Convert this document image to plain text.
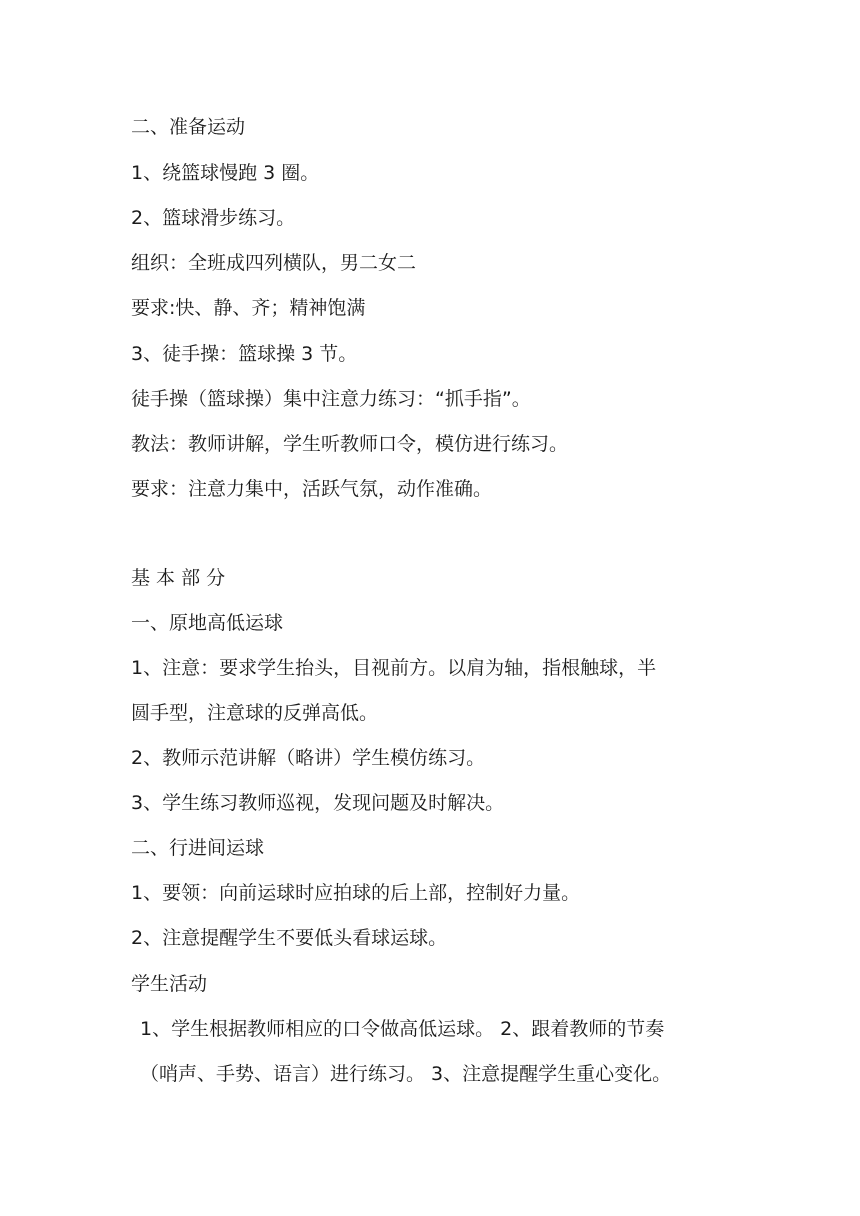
二、准备运动
1、绕篮球慢跑 3 圈。
2、篮球滑步练习。
组织：全班成四列横队，男二女二
要求:快、静、齐；精神饱满
3、徒手操：篮球操 3 节。
徒手操（篮球操）集中注意力练习：“抓手指”。
教法：教师讲解，学生听教师口令，模仿进行练习。
要求：注意力集中，活跃气氛，动作准确。
基 本 部 分
一、原地高低运球
1、注意：要求学生抬头，目视前方。以肩为轴，指根触球，半
圆手型，注意球的反弹高低。
2、教师示范讲解（略讲）学生模仿练习。
3、学生练习教师巡视，发现问题及时解决。
二、行进间运球
1、要领：向前运球时应拍球的后上部，控制好力量。
2、注意提醒学生不要低头看球运球。
学生活动
1、学生根据教师相应的口令做高低运球。 2、跟着教师的节奏
（哨声、手势、语言）进行练习。 3、注意提醒学生重心变化。
